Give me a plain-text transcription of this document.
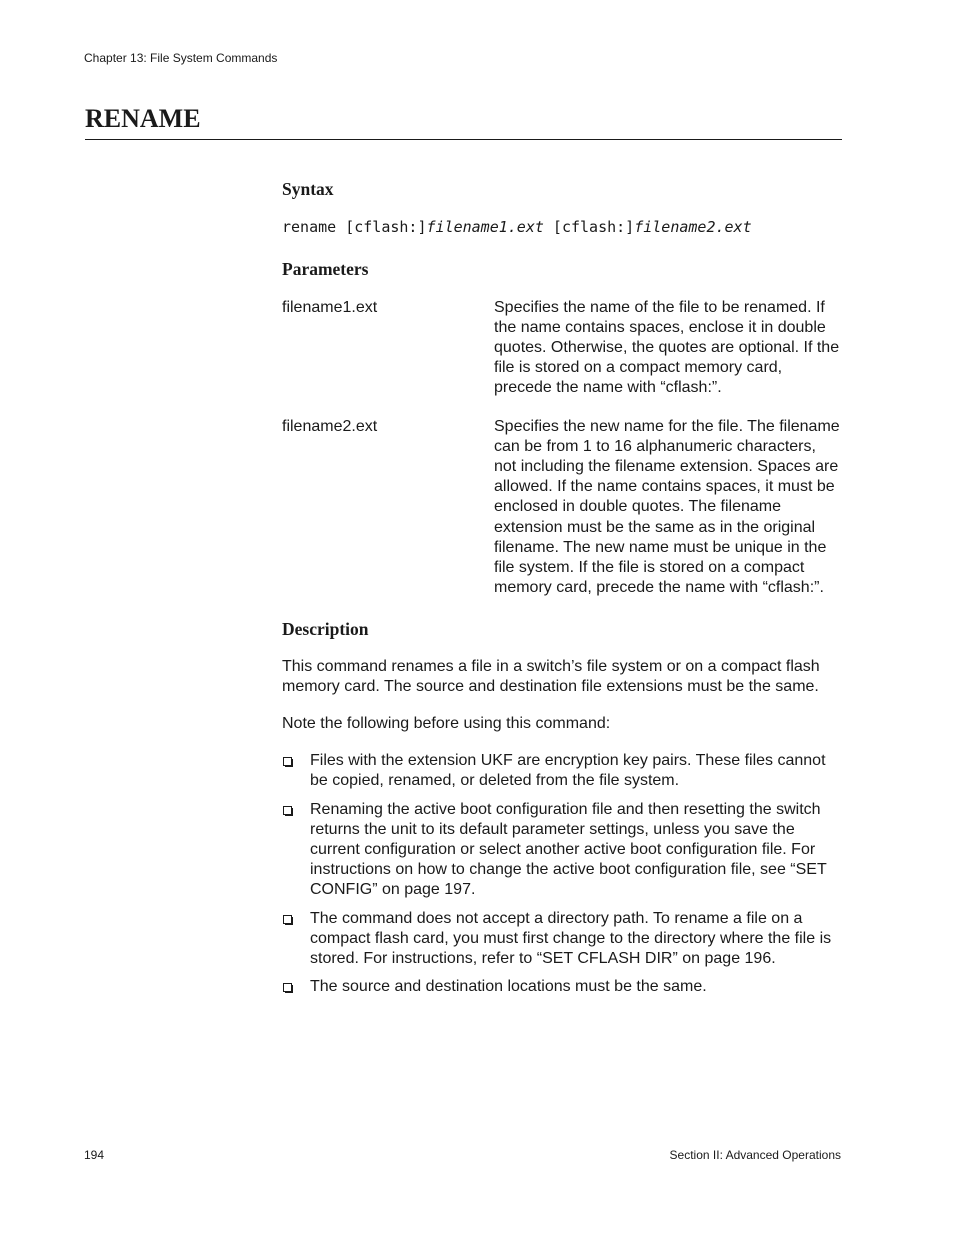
Chapter 13: File System Commands
RENAME
Syntax
rename [cflash:]filename1.ext [cflash:]filename2.ext
Parameters
filename1.ext	Specifies the name of the file to be renamed. If the name contains spaces, enclose it in double quotes. Otherwise, the quotes are optional. If the file is stored on a compact memory card, precede the name with “cflash:”.
filename2.ext	Specifies the new name for the file. The filename can be from 1 to 16 alphanumeric characters, not including the filename extension. Spaces are allowed. If the name contains spaces, it must be enclosed in double quotes. The filename extension must be the same as in the original filename. The new name must be unique in the file system. If the file is stored on a compact memory card, precede the name with “cflash:”.
Description

This command renames a file in a switch’s file system or on a compact flash memory card. The source and destination file extensions must be the same.

Note the following before using this command:

Files with the extension UKF are encryption key pairs. These files cannot be copied, renamed, or deleted from the file system.
Renaming the active boot configuration file and then resetting the switch returns the unit to its default parameter settings, unless you save the current configuration or select another active boot configuration file. For instructions on how to change the active boot configuration file, see “SET CONFIG” on page 197.
The command does not accept a directory path. To rename a file on a compact flash card, you must first change to the directory where the file is stored. For instructions, refer to “SET CFLASH DIR” on page 196.
The source and destination locations must be the same.
194	Section II: Advanced Operations
